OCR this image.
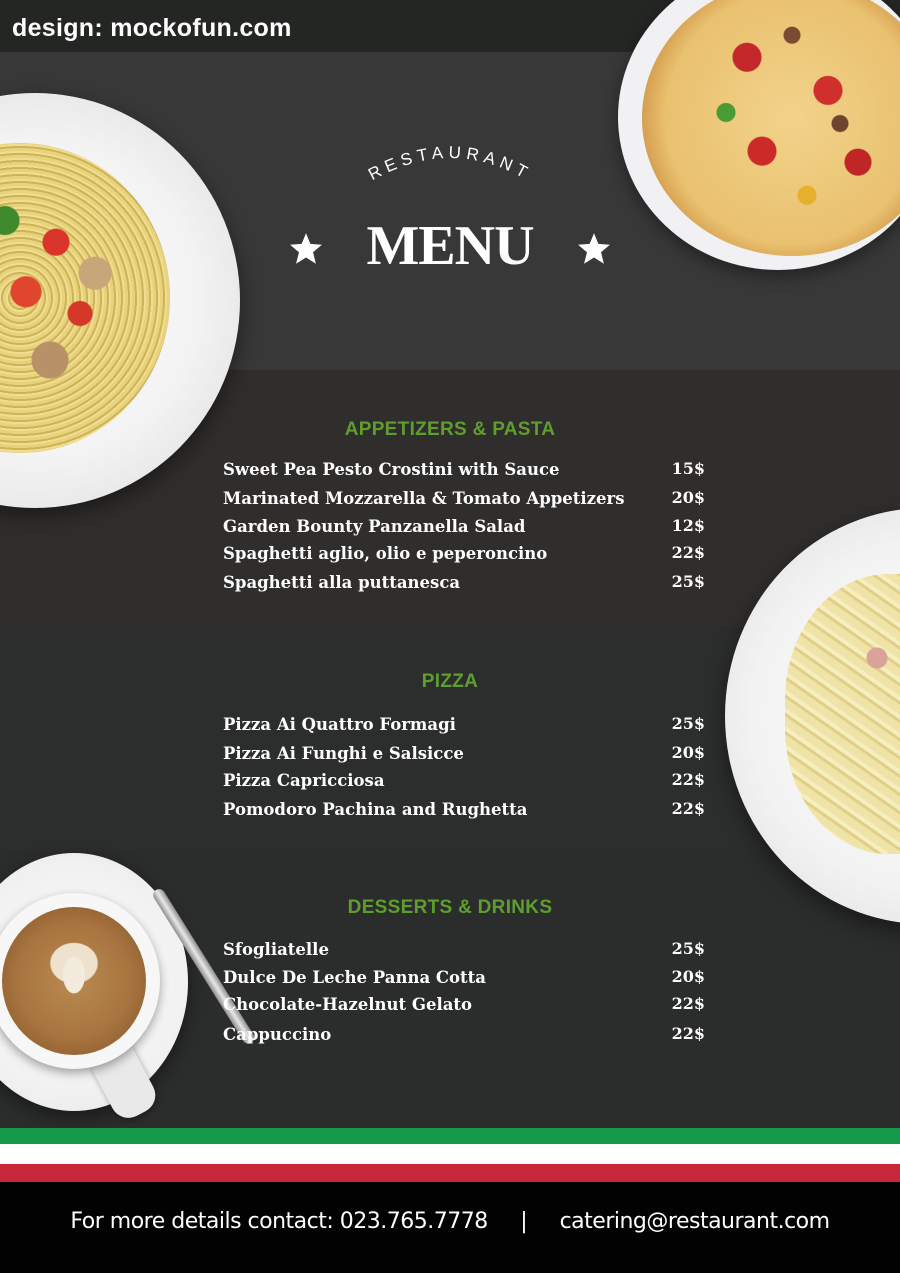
design: mockofun.com

RESTAURANT
MENU
APPETIZERS & PASTA
Sweet Pea Pesto Crostini with Sauce	15$
Marinated Mozzarella & Tomato Appetizers	20$
Garden Bounty Panzanella Salad	12$
Spaghetti aglio, olio e peperoncino	22$
Spaghetti alla puttanesca	25$
PIZZA
Pizza Ai Quattro Formagi	25$
Pizza Ai Funghi e Salsicce	20$
Pizza Capricciosa	22$
Pomodoro Pachina and Rughetta	22$
DESSERTS & DRINKS
Sfogliatelle	25$
Dulce De Leche Panna Cotta	20$
Chocolate-Hazelnut Gelato	22$
Cappuccino	22$

For more details contact: 023.765.7778     |     catering@restaurant.com
